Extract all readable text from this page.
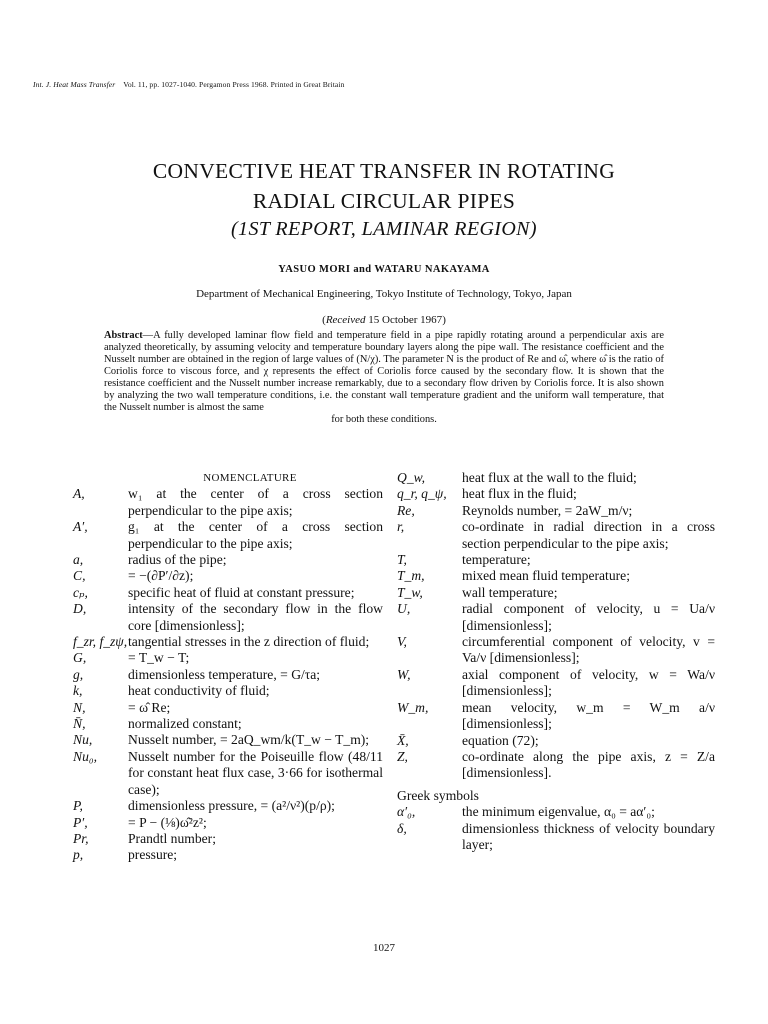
Int. J. Heat Mass Transfer Vol. 11, pp. 1027-1040. Pergamon Press 1968. Printed in Great Britain
CONVECTIVE HEAT TRANSFER IN ROTATING
RADIAL CIRCULAR PIPES
(1ST REPORT, LAMINAR REGION)
YASUO MORI and WATARU NAKAYAMA
Department of Mechanical Engineering, Tokyo Institute of Technology, Tokyo, Japan
(Received 15 October 1967)
Abstract—A fully developed laminar flow field and temperature field in a pipe rapidly rotating around a perpendicular axis are analyzed theoretically, by assuming velocity and temperature boundary layers along the pipe wall. The resistance coefficient and the Nusselt number are obtained in the region of large values of (N/χ). The parameter N is the product of Re and ω̂, where ω̂ is the ratio of Coriolis force to viscous force, and χ represents the effect of Coriolis force caused by the secondary flow. It is shown that the resistance coefficient and the Nusselt number increase remarkably, due to a secondary flow driven by Coriolis force. It is also shown by analyzing the two wall temperature conditions, i.e. the constant wall temperature gradient and the uniform wall temperature, that the Nusselt number is almost the same
for both these conditions.
NOMENCLATURE
A,	w₁ at the center of a cross section perpendicular to the pipe axis;
A′,	g₁ at the center of a cross section perpendicular to the pipe axis;
a,	radius of the pipe;
C,	= −(∂P′/∂z);
cₚ,	specific heat of fluid at constant pressure;
D,	intensity of the secondary flow in the flow core [dimensionless];
f_zr, f_zψ, tangential stresses in the z direction of fluid;
G,	= T_w − T;
g,	dimensionless temperature, = G/τa;
k,	heat conductivity of fluid;
N,	= ω̂ Re;
N̄,	normalized constant;
Nu,	Nusselt number, = 2aQ_wm/k(T_w − T_m);
Nu₀,	Nusselt number for the Poiseuille flow (48/11 for constant heat flux case, 3·66 for isothermal case);
P,	dimensionless pressure, = (a²/ν²)(p/ρ);
P′,	= P − (⅛)ω̂²z²;
Pr,	Prandtl number;
p,	pressure;
Q_w,	heat flux at the wall to the fluid;
q_r, q_ψ,	heat flux in the fluid;
Re,	Reynolds number, = 2aW_m/ν;
r,	co-ordinate in radial direction in a cross section perpendicular to the pipe axis;
T,	temperature;
T_m,	mixed mean fluid temperature;
T_w,	wall temperature;
U,	radial component of velocity, u = Ua/ν [dimensionless];
V,	circumferential component of velocity, v = Va/ν [dimensionless];
W,	axial component of velocity, w = Wa/ν [dimensionless];
W_m,	mean velocity, w_m = W_m a/ν [dimensionless];
X̄,	equation (72);
Z,	co-ordinate along the pipe axis, z = Z/a [dimensionless].
Greek symbols
α′₀,	the minimum eigenvalue, α₀ = aα′₀;
δ,	dimensionless thickness of velocity boundary layer;
1027
